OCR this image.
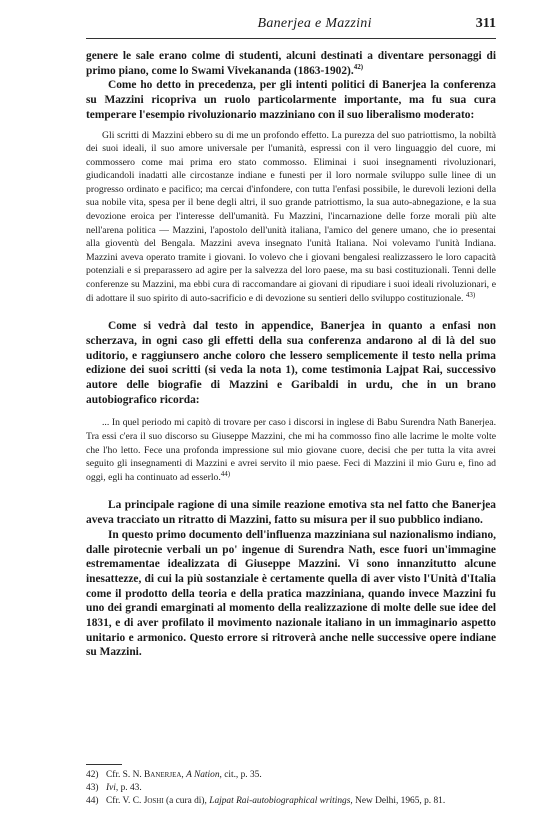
Banerjea e Mazzini	311

genere le sale erano colme di studenti, alcuni destinati a diventare personaggi di primo piano, come lo Swami Vivekananda (1863-1902).$^{42)}$

Come ho detto in precedenza, per gli intenti politici di Banerjea la conferenza su Mazzini ricopriva un ruolo particolarmente importante, ma fu sua cura temperare l'esempio rivoluzionario mazziniano con il suo liberalismo moderato:

Gli scritti di Mazzini ebbero su di me un profondo effetto. La purezza del suo patriottismo, la nobiltà dei suoi ideali, il suo amore universale per l'umanità, espressi con il vero linguaggio del cuore, mi commossero come mai prima ero stato commosso. Eliminai i suoi insegnamenti rivoluzionari, giudicandoli inadatti alle circostanze indiane e funesti per il loro normale sviluppo sulle linee di un progresso ordinato e pacifico; ma cercai d'infondere, con tutta l'enfasi possibile, le durevoli lezioni della sua nobile vita, spesa per il bene degli altri, il suo grande patriottismo, la sua auto-abnegazione, e la sua devozione eroica per l'interesse dell'umanità. Fu Mazzini, l'incarnazione delle forze morali più alte nell'arena politica — Mazzini, l'apostolo dell'unità italiana, l'amico del genere umano, che io presentai alla gioventù del Bengala. Mazzini aveva insegnato l'unità Italiana. Noi volevamo l'unità Indiana. Mazzini aveva operato tramite i giovani. Io volevo che i giovani bengalesi realizzassero le loro capacità potenziali e si preparassero ad agire per la salvezza del loro paese, ma su basi costituzionali. Tenni delle conferenze su Mazzini, ma ebbi cura di raccomandare ai giovani di ripudiare i suoi ideali rivoluzionari, e di adottare il suo spirito di auto-sacrificio e di devozione su sentieri dello sviluppo costituzionale. $^{43)}$

Come si vedrà dal testo in appendice, Banerjea in quanto a enfasi non scherzava, in ogni caso gli effetti della sua conferenza andarono al di là del suo uditorio, e raggiunsero anche coloro che lessero semplicemente il testo nella prima edizione dei suoi scritti (si veda la nota 1), come testimonia Lajpat Rai, successivo autore delle biografie di Mazzini e Garibaldi in urdu, che in un brano autobiografico ricorda:

... In quel periodo mi capitò di trovare per caso i discorsi in inglese di Babu Surendra Nath Banerjea. Tra essi c'era il suo discorso su Giuseppe Mazzini, che mi ha commosso fino alle lacrime le molte volte che l'ho letto. Fece una profonda impressione sul mio giovane cuore, decisi che per tutta la vita avrei seguito gli insegnamenti di Mazzini e avrei servito il mio paese. Feci di Mazzini il mio Guru e, fino ad oggi, egli ha continuato ad esserlo.$^{44)}$

La principale ragione di una simile reazione emotiva sta nel fatto che Banerjea aveva tracciato un ritratto di Mazzini, fatto su misura per il suo pubblico indiano.

In questo primo documento dell'influenza mazziniana sul nazionalismo indiano, dalle pirotecnie verbali un po' ingenue di Surendra Nath, esce fuori un'immagine estremamentae idealizzata di Giuseppe Mazzini. Vi sono innanzitutto alcune inesattezze, di cui la più sostanziale è certamente quella di aver visto l'Unità d'Italia come il prodotto della teoria e della pratica mazziniana, quando invece Mazzini fu uno dei grandi emarginati al momento della realizzazione di molte delle sue idee del 1831, e di aver profilato il movimento nazionale italiano in un immaginario aspetto unitario e armonico. Questo errore si ritroverà anche nelle successive opere indiane su Mazzini.

42) Cfr. S. N. Banerjea, A Nation, cit., p. 35.
43) Ivi, p. 43.
44) Cfr. V. C. Joshi (a cura di), Lajpat Rai-autobiographical writings, New Delhi, 1965, p. 81.
